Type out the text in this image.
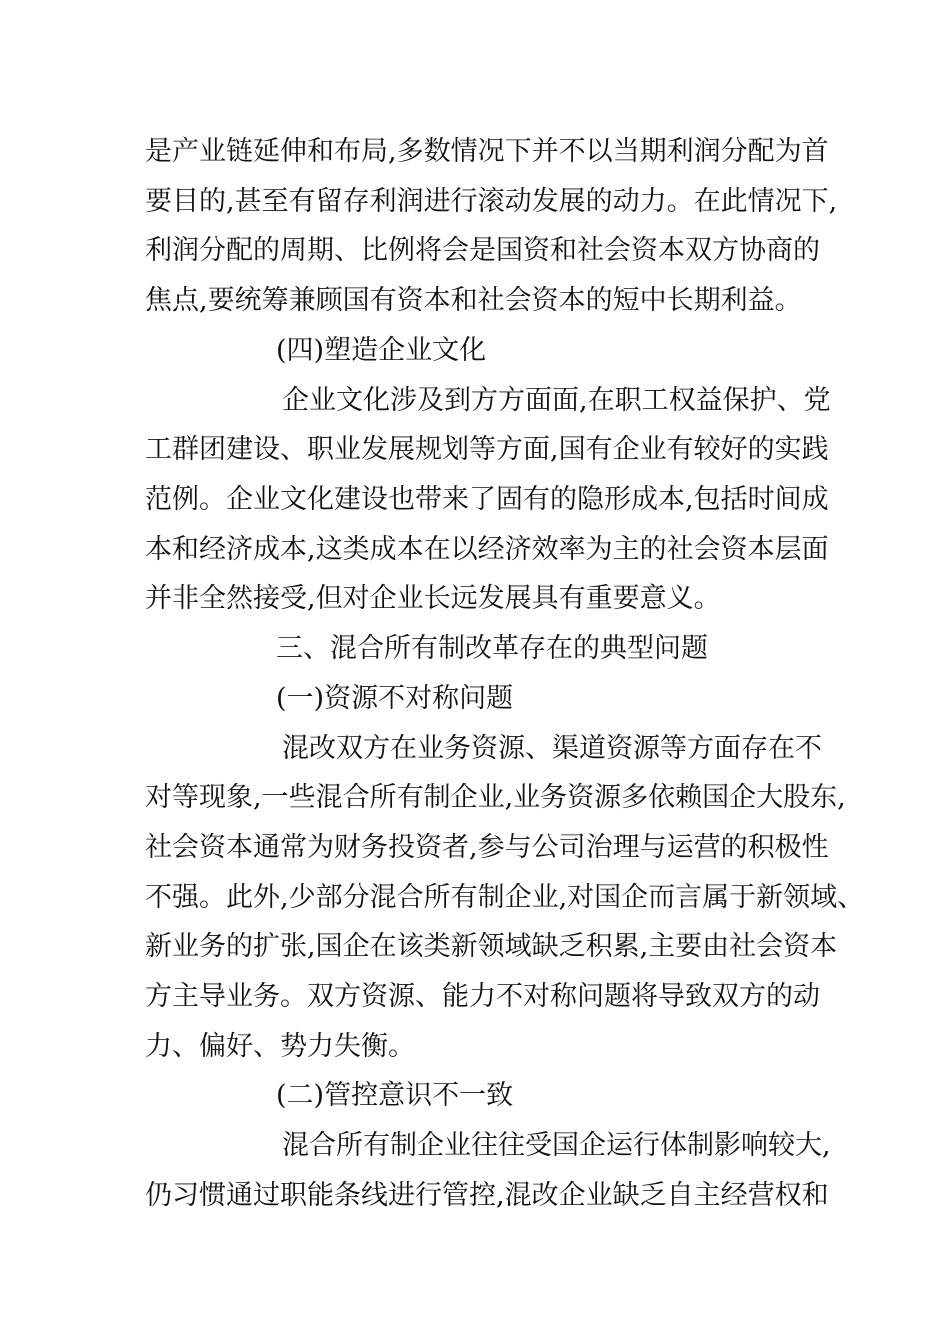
是产业链延伸和布局,多数情况下并不以当期利润分配为首
要目的,甚至有留存利润进行滚动发展的动力。在此情况下,
利润分配的周期、比例将会是国资和社会资本双方协商的
焦点,要统筹兼顾国有资本和社会资本的短中长期利益。
(四)塑造企业文化
企业文化涉及到方方面面,在职工权益保护、党
工群团建设、职业发展规划等方面,国有企业有较好的实践
范例。企业文化建设也带来了固有的隐形成本,包括时间成
本和经济成本,这类成本在以经济效率为主的社会资本层面
并非全然接受,但对企业长远发展具有重要意义。
三、混合所有制改革存在的典型问题
(一)资源不对称问题
混改双方在业务资源、渠道资源等方面存在不
对等现象,一些混合所有制企业,业务资源多依赖国企大股东,
社会资本通常为财务投资者,参与公司治理与运营的积极性
不强。此外,少部分混合所有制企业,对国企而言属于新领域、
新业务的扩张,国企在该类新领域缺乏积累,主要由社会资本
方主导业务。双方资源、能力不对称问题将导致双方的动
力、偏好、势力失衡。
(二)管控意识不一致
混合所有制企业往往受国企运行体制影响较大,
仍习惯通过职能条线进行管控,混改企业缺乏自主经营权和
